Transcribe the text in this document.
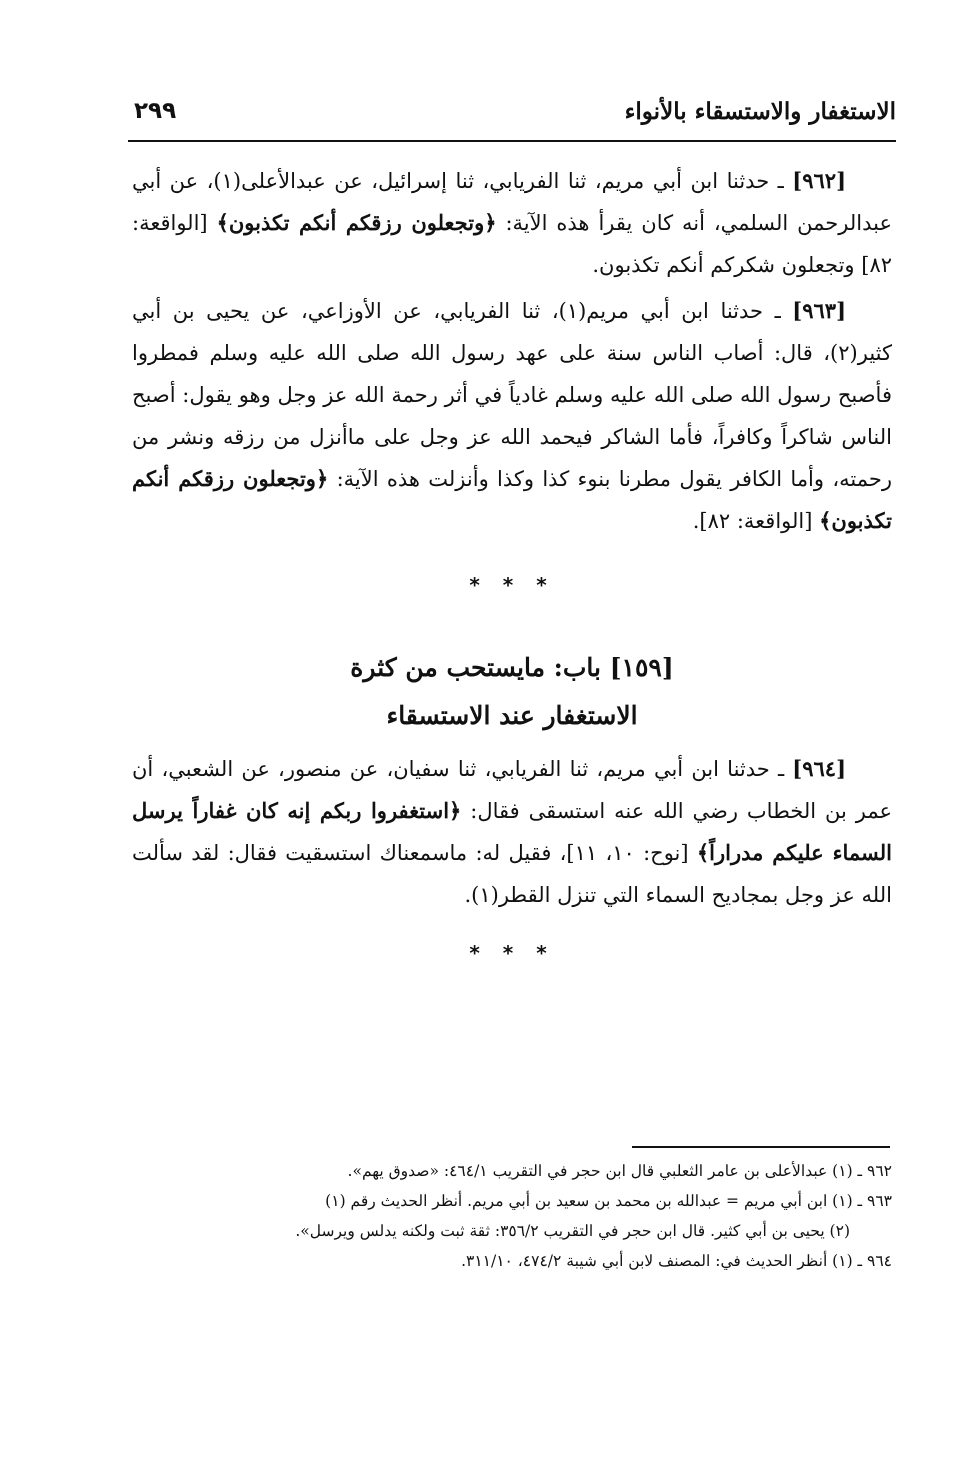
الاستغفار والاستسقاء بالأنواء
٢٩٩

[٩٦٢] ـ حدثنا ابن أبي مريم، ثنا الفريابي، ثنا إسرائيل، عن عبدالأعلى(١)، عن أبي عبدالرحمن السلمي، أنه كان يقرأ هذه الآية: ﴿وتجعلون رزقكم أنكم تكذبون﴾ [الواقعة: ٨٢] وتجعلون شكركم أنكم تكذبون.

[٩٦٣] ـ حدثنا ابن أبي مريم(١)، ثنا الفريابي، عن الأوزاعي، عن يحيى بن أبي كثير(٢)، قال: أصاب الناس سنة على عهد رسول الله صلى الله عليه وسلم فمطروا فأصبح رسول الله صلى الله عليه وسلم غادياً في أثر رحمة الله عز وجل وهو يقول: أصبح الناس شاكراً وكافراً، فأما الشاكر فيحمد الله عز وجل على ماأنزل من رزقه ونشر من رحمته، وأما الكافر يقول مطرنا بنوء كذا وكذا وأنزلت هذه الآية: ﴿وتجعلون رزقكم أنكم تكذبون﴾ [الواقعة: ٨٢].

* * *
[١٥٩] باب: مايستحب من كثرة
الاستغفار عند الاستسقاء

[٩٦٤] ـ حدثنا ابن أبي مريم، ثنا الفريابي، ثنا سفيان، عن منصور، عن الشعبي، أن عمر بن الخطاب رضي الله عنه استسقى فقال: ﴿استغفروا ربكم إنه كان غفاراً يرسل السماء عليكم مدراراً﴾ [نوح: ١٠، ١١]، فقيل له: ماسمعناك استسقيت فقال: لقد سألت الله عز وجل بمجاديح السماء التي تنزل القطر(١).

* * *

٩٦٢ ـ (١) عبدالأعلى بن عامر الثعلبي قال ابن حجر في التقريب ٤٦٤/١: «صدوق يهم».

٩٦٣ ـ (١) ابن أبي مريم = عبدالله بن محمد بن سعيد بن أبي مريم. أنظر الحديث رقم (١)

(٢) يحيى بن أبي كثير. قال ابن حجر في التقريب ٣٥٦/٢: ثقة ثبت ولكنه يدلس ويرسل».

٩٦٤ ـ (١) أنظر الحديث في: المصنف لابن أبي شيبة ٤٧٤/٢، ٣١١/١٠.
